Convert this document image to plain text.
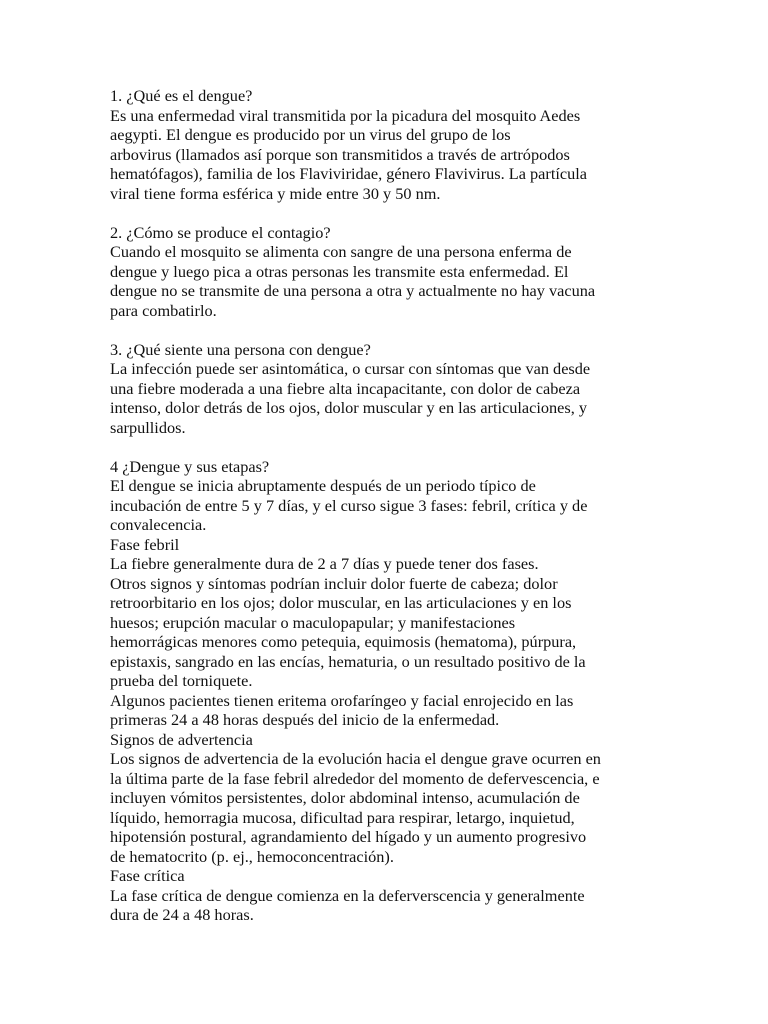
1. ¿Qué es el dengue?
Es una enfermedad viral transmitida por la picadura del mosquito Aedes
aegypti. El dengue es producido por un virus del grupo de los
arbovirus (llamados así porque son transmitidos a través de artrópodos
hematófagos), familia de los Flaviviridae, género Flavivirus. La partícula
viral tiene forma esférica y mide entre 30 y 50 nm.
2. ¿Cómo se produce el contagio?
Cuando el mosquito se alimenta con sangre de una persona enferma de
dengue y luego pica a otras personas les transmite esta enfermedad. El
dengue no se transmite de una persona a otra y actualmente no hay vacuna
para combatirlo.
3. ¿Qué siente una persona con dengue?
La infección puede ser asintomática, o cursar con síntomas que van desde
una fiebre moderada a una fiebre alta incapacitante, con dolor de cabeza
intenso, dolor detrás de los ojos, dolor muscular y en las articulaciones, y
sarpullidos.
4 ¿Dengue y sus etapas?
El dengue se inicia abruptamente después de un periodo típico de
incubación de entre 5 y 7 días, y el curso sigue 3 fases: febril, crítica y de
convalecencia.
Fase febril
La fiebre generalmente dura de 2 a 7 días y puede tener dos fases.
Otros signos y síntomas podrían incluir dolor fuerte de cabeza; dolor
retroorbitario en los ojos; dolor muscular, en las articulaciones y en los
huesos; erupción macular o maculopapular; y manifestaciones
hemorrágicas menores como petequia, equimosis (hematoma), púrpura,
epistaxis, sangrado en las encías, hematuria, o un resultado positivo de la
prueba del torniquete.
Algunos pacientes tienen eritema orofaríngeo y facial enrojecido en las
primeras 24 a 48 horas después del inicio de la enfermedad.
Signos de advertencia
Los signos de advertencia de la evolución hacia el dengue grave ocurren en
la última parte de la fase febril alrededor del momento de defervescencia, e
incluyen vómitos persistentes, dolor abdominal intenso, acumulación de
líquido, hemorragia mucosa, dificultad para respirar, letargo, inquietud,
hipotensión postural, agrandamiento del hígado y un aumento progresivo
de hematocrito (p. ej., hemoconcentración).
Fase crítica
La fase crítica de dengue comienza en la deferverscencia y generalmente
dura de 24 a 48 horas.
